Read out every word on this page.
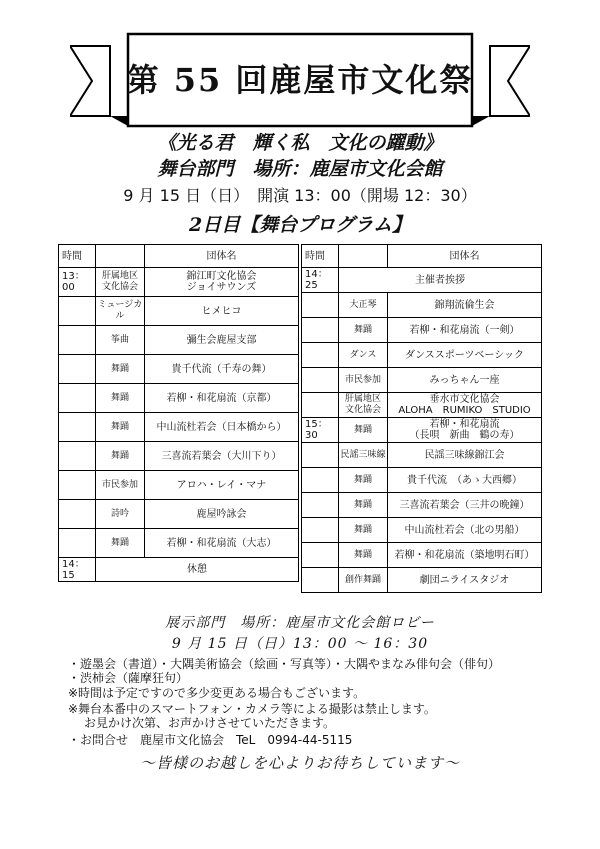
第 55 回鹿屋市文化祭
《光る君　輝く私　文化の躍動》
舞台部門　場所：鹿屋市文化会館
9 月 15 日（日）　開演 13：00（開場 12：30）
2日目【舞台プログラム】
時間		団体名
13：00	肝属地区
文化協会	錦江町文化協会
ジョイサウンズ
	ミュージカル	ヒメヒコ
	筝曲	彌生会鹿屋支部
	舞踊	貴千代流（千寿の舞）
	舞踊	若柳・和花扇流（京都）
	舞踊	中山流杜若会（日本橋から）
	舞踊	三喜流若葉会（大川下り）
	市民参加	アロハ・レイ・マナ
	詩吟	鹿屋吟詠会
	舞踊	若柳・和花扇流（大志）
14：15	休憩	
時間		団体名
14：25	主催者挨拶	
	大正琴	錦翔流倫生会
	舞踊	若柳・和花扇流（一剣）
	ダンス	ダンススポーツベーシック
	市民参加	みっちゃん一座
	肝属地区
文化協会	垂水市文化協会
ALOHA　RUMIKO　STUDIO
15：30	舞踊	若柳・和花扇流
（長唄　新曲　鶴の寿）
	民謡三味線	民謡三味線錦江会
	舞踊	貴千代流　（あゝ大西郷）
	舞踊	三喜流若葉会（三井の晩鐘）
	舞踊	中山流杜若会（北の男船）
	舞踊	若柳・和花扇流（築地明石町）
	創作舞踊	劇団ニライスタジオ
展示部門　場所：鹿屋市文化会館ロビー
9 月 15 日（日）13：00 〜 16：30
・遊墨会（書道）・大隅美術協会（絵画・写真等）・大隅やまなみ俳句会（俳句）
・渋柿会（薩摩狂句）
※時間は予定ですので多少変更ある場合もございます。
※舞台本番中のスマートフォン・カメラ等による撮影は禁止します。
お見かけ次第、お声かけさせていただきます。
・お問合せ　鹿屋市文化協会　TeL　0994-44-5115
〜皆様のお越しを心よりお待ちしています〜
